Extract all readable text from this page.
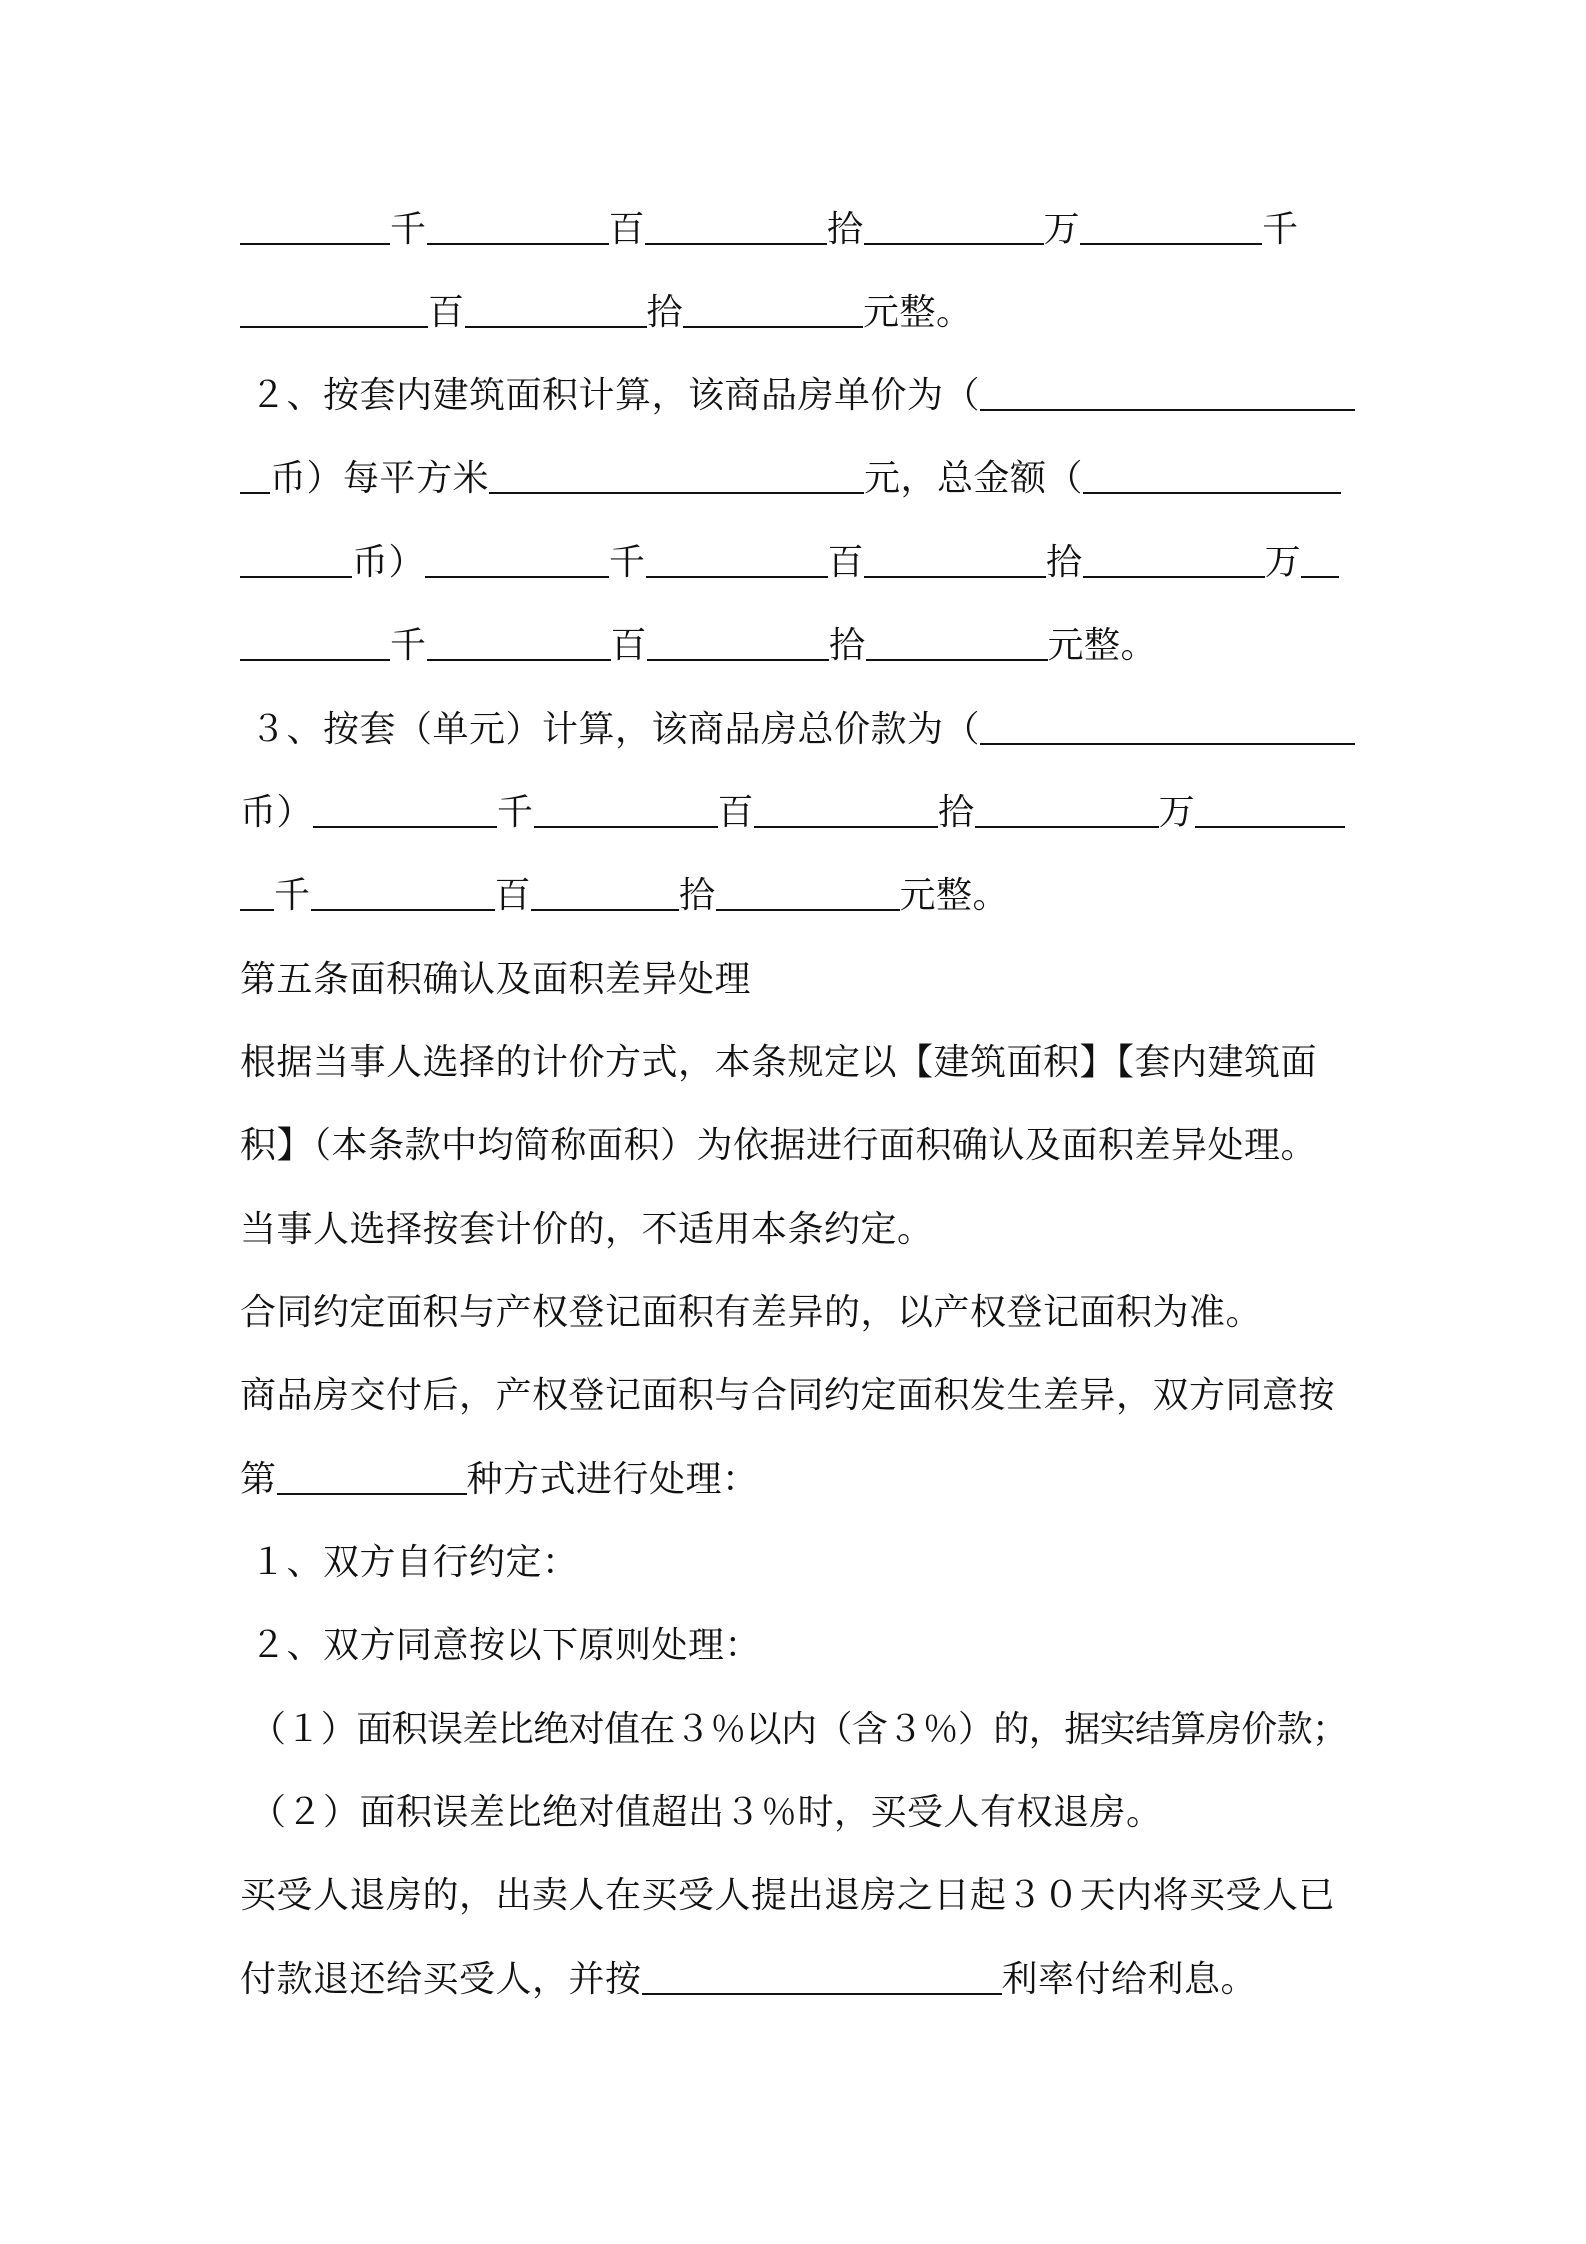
千	百	拾	万	千
百	拾	元整。
２、按套内建筑面积计算，该商品房单价为（
币）每平方米	元，总金额（
币）	千	百	拾	万
千	百	拾	元整。
３、按套（单元）计算，该商品房总价款为（
币）	千	百	拾	万
千	百	拾	元整。
第五条面积确认及面积差异处理
根据当事人选择的计价方式，本条规定以【建筑面积】【套内建筑面
积】（本条款中均简称面积）为依据进行面积确认及面积差异处理。
当事人选择按套计价的，不适用本条约定。
合同约定面积与产权登记面积有差异的，以产权登记面积为准。
商品房交付后，产权登记面积与合同约定面积发生差异，双方同意按
第	种方式进行处理：
１、双方自行约定：
２、双方同意按以下原则处理：
（１）面积误差比绝对值在３％以内（含３％）的，据实结算房价款；
（２）面积误差比绝对值超出３％时，买受人有权退房。
买受人退房的，出卖人在买受人提出退房之日起３０天内将买受人已
付款退还给买受人，并按	利率付给利息。
